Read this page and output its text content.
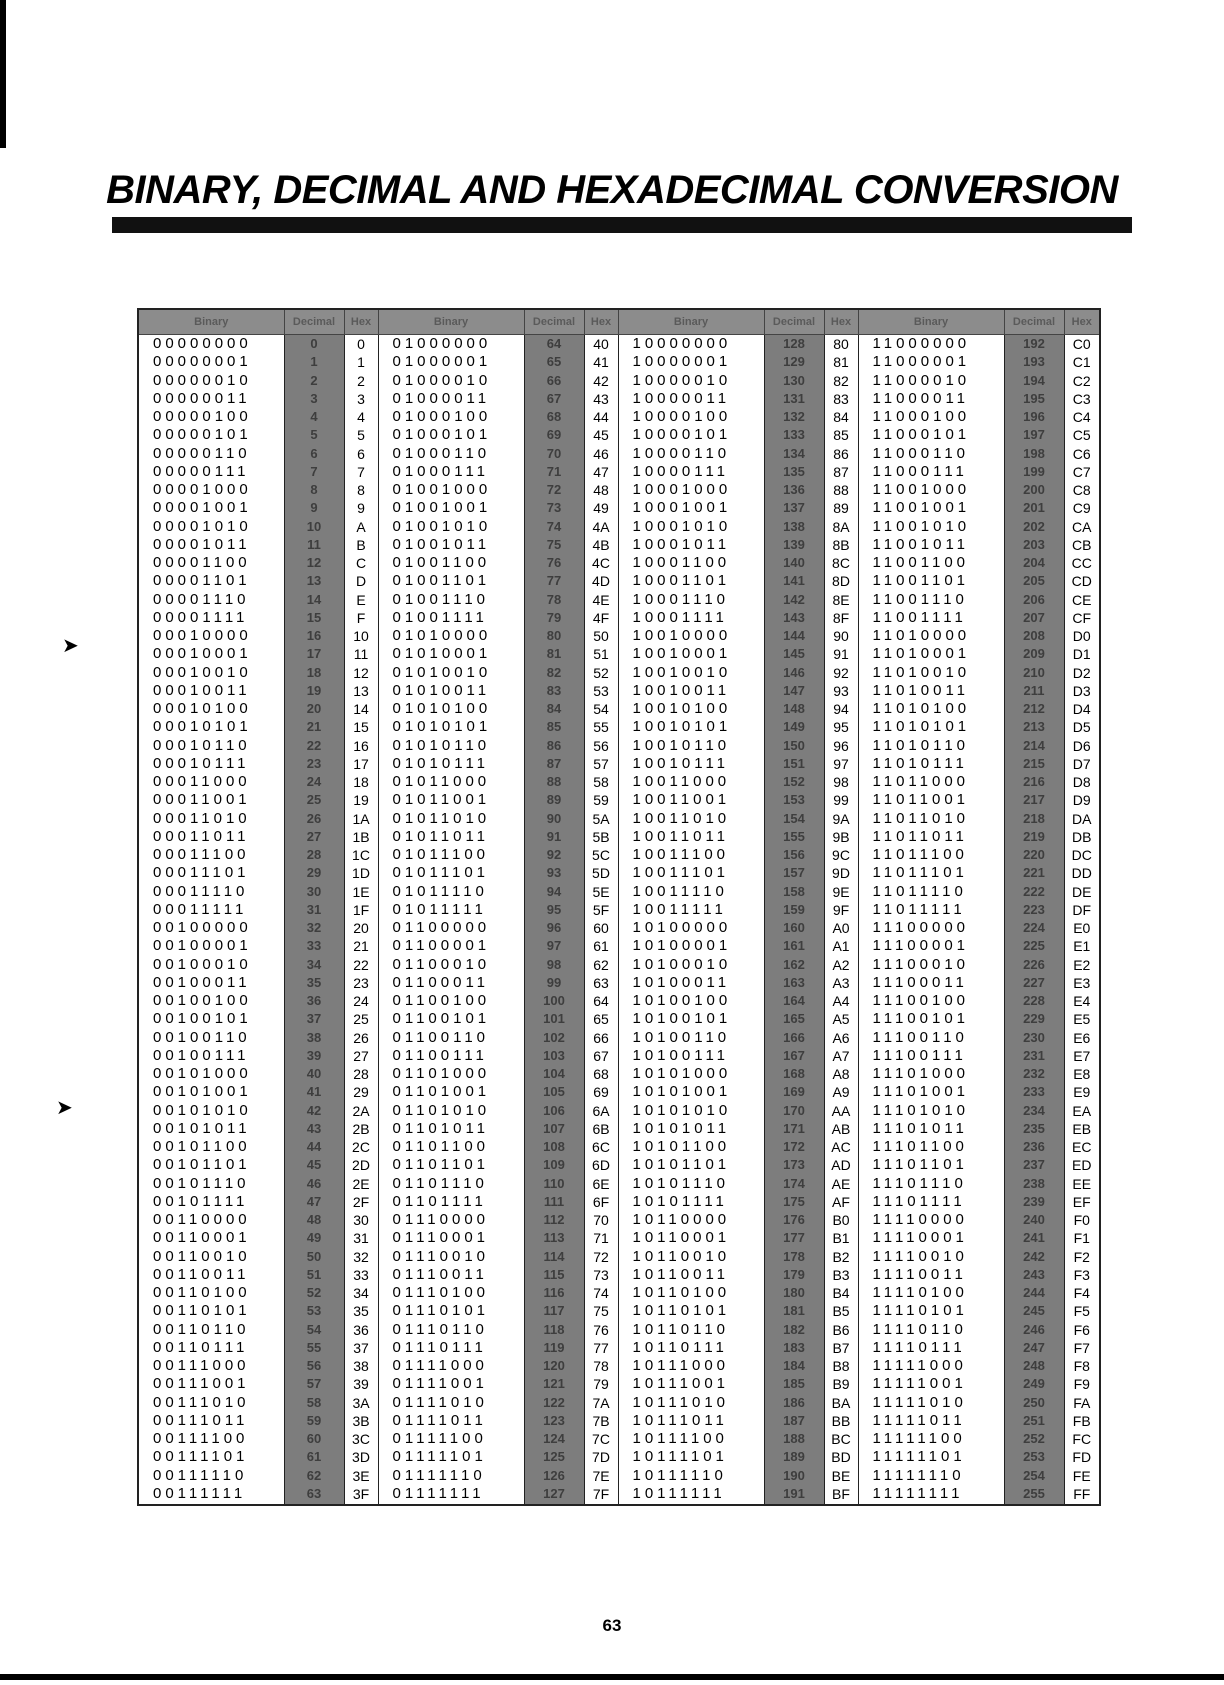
➤
➤
BINARY, DECIMAL AND HEXADECIMAL CONVERSION
Binary	Decimal	Hex	Binary	Decimal	Hex	Binary	Decimal	Hex	Binary	Decimal	Hex
00000000	0	0	01000000	64	40	10000000	128	80	11000000	192	C0
00000001	1	1	01000001	65	41	10000001	129	81	11000001	193	C1
00000010	2	2	01000010	66	42	10000010	130	82	11000010	194	C2
00000011	3	3	01000011	67	43	10000011	131	83	11000011	195	C3
00000100	4	4	01000100	68	44	10000100	132	84	11000100	196	C4
00000101	5	5	01000101	69	45	10000101	133	85	11000101	197	C5
00000110	6	6	01000110	70	46	10000110	134	86	11000110	198	C6
00000111	7	7	01000111	71	47	10000111	135	87	11000111	199	C7
00001000	8	8	01001000	72	48	10001000	136	88	11001000	200	C8
00001001	9	9	01001001	73	49	10001001	137	89	11001001	201	C9
00001010	10	A	01001010	74	4A	10001010	138	8A	11001010	202	CA
00001011	11	B	01001011	75	4B	10001011	139	8B	11001011	203	CB
00001100	12	C	01001100	76	4C	10001100	140	8C	11001100	204	CC
00001101	13	D	01001101	77	4D	10001101	141	8D	11001101	205	CD
00001110	14	E	01001110	78	4E	10001110	142	8E	11001110	206	CE
00001111	15	F	01001111	79	4F	10001111	143	8F	11001111	207	CF
00010000	16	10	01010000	80	50	10010000	144	90	11010000	208	D0
00010001	17	11	01010001	81	51	10010001	145	91	11010001	209	D1
00010010	18	12	01010010	82	52	10010010	146	92	11010010	210	D2
00010011	19	13	01010011	83	53	10010011	147	93	11010011	211	D3
00010100	20	14	01010100	84	54	10010100	148	94	11010100	212	D4
00010101	21	15	01010101	85	55	10010101	149	95	11010101	213	D5
00010110	22	16	01010110	86	56	10010110	150	96	11010110	214	D6
00010111	23	17	01010111	87	57	10010111	151	97	11010111	215	D7
00011000	24	18	01011000	88	58	10011000	152	98	11011000	216	D8
00011001	25	19	01011001	89	59	10011001	153	99	11011001	217	D9
00011010	26	1A	01011010	90	5A	10011010	154	9A	11011010	218	DA
00011011	27	1B	01011011	91	5B	10011011	155	9B	11011011	219	DB
00011100	28	1C	01011100	92	5C	10011100	156	9C	11011100	220	DC
00011101	29	1D	01011101	93	5D	10011101	157	9D	11011101	221	DD
00011110	30	1E	01011110	94	5E	10011110	158	9E	11011110	222	DE
00011111	31	1F	01011111	95	5F	10011111	159	9F	11011111	223	DF
00100000	32	20	01100000	96	60	10100000	160	A0	11100000	224	E0
00100001	33	21	01100001	97	61	10100001	161	A1	11100001	225	E1
00100010	34	22	01100010	98	62	10100010	162	A2	11100010	226	E2
00100011	35	23	01100011	99	63	10100011	163	A3	11100011	227	E3
00100100	36	24	01100100	100	64	10100100	164	A4	11100100	228	E4
00100101	37	25	01100101	101	65	10100101	165	A5	11100101	229	E5
00100110	38	26	01100110	102	66	10100110	166	A6	11100110	230	E6
00100111	39	27	01100111	103	67	10100111	167	A7	11100111	231	E7
00101000	40	28	01101000	104	68	10101000	168	A8	11101000	232	E8
00101001	41	29	01101001	105	69	10101001	169	A9	11101001	233	E9
00101010	42	2A	01101010	106	6A	10101010	170	AA	11101010	234	EA
00101011	43	2B	01101011	107	6B	10101011	171	AB	11101011	235	EB
00101100	44	2C	01101100	108	6C	10101100	172	AC	11101100	236	EC
00101101	45	2D	01101101	109	6D	10101101	173	AD	11101101	237	ED
00101110	46	2E	01101110	110	6E	10101110	174	AE	11101110	238	EE
00101111	47	2F	01101111	111	6F	10101111	175	AF	11101111	239	EF
00110000	48	30	01110000	112	70	10110000	176	B0	11110000	240	F0
00110001	49	31	01110001	113	71	10110001	177	B1	11110001	241	F1
00110010	50	32	01110010	114	72	10110010	178	B2	11110010	242	F2
00110011	51	33	01110011	115	73	10110011	179	B3	11110011	243	F3
00110100	52	34	01110100	116	74	10110100	180	B4	11110100	244	F4
00110101	53	35	01110101	117	75	10110101	181	B5	11110101	245	F5
00110110	54	36	01110110	118	76	10110110	182	B6	11110110	246	F6
00110111	55	37	01110111	119	77	10110111	183	B7	11110111	247	F7
00111000	56	38	01111000	120	78	10111000	184	B8	11111000	248	F8
00111001	57	39	01111001	121	79	10111001	185	B9	11111001	249	F9
00111010	58	3A	01111010	122	7A	10111010	186	BA	11111010	250	FA
00111011	59	3B	01111011	123	7B	10111011	187	BB	11111011	251	FB
00111100	60	3C	01111100	124	7C	10111100	188	BC	11111100	252	FC
00111101	61	3D	01111101	125	7D	10111101	189	BD	11111101	253	FD
00111110	62	3E	01111110	126	7E	10111110	190	BE	11111110	254	FE
00111111	63	3F	01111111	127	7F	10111111	191	BF	11111111	255	FF
63
